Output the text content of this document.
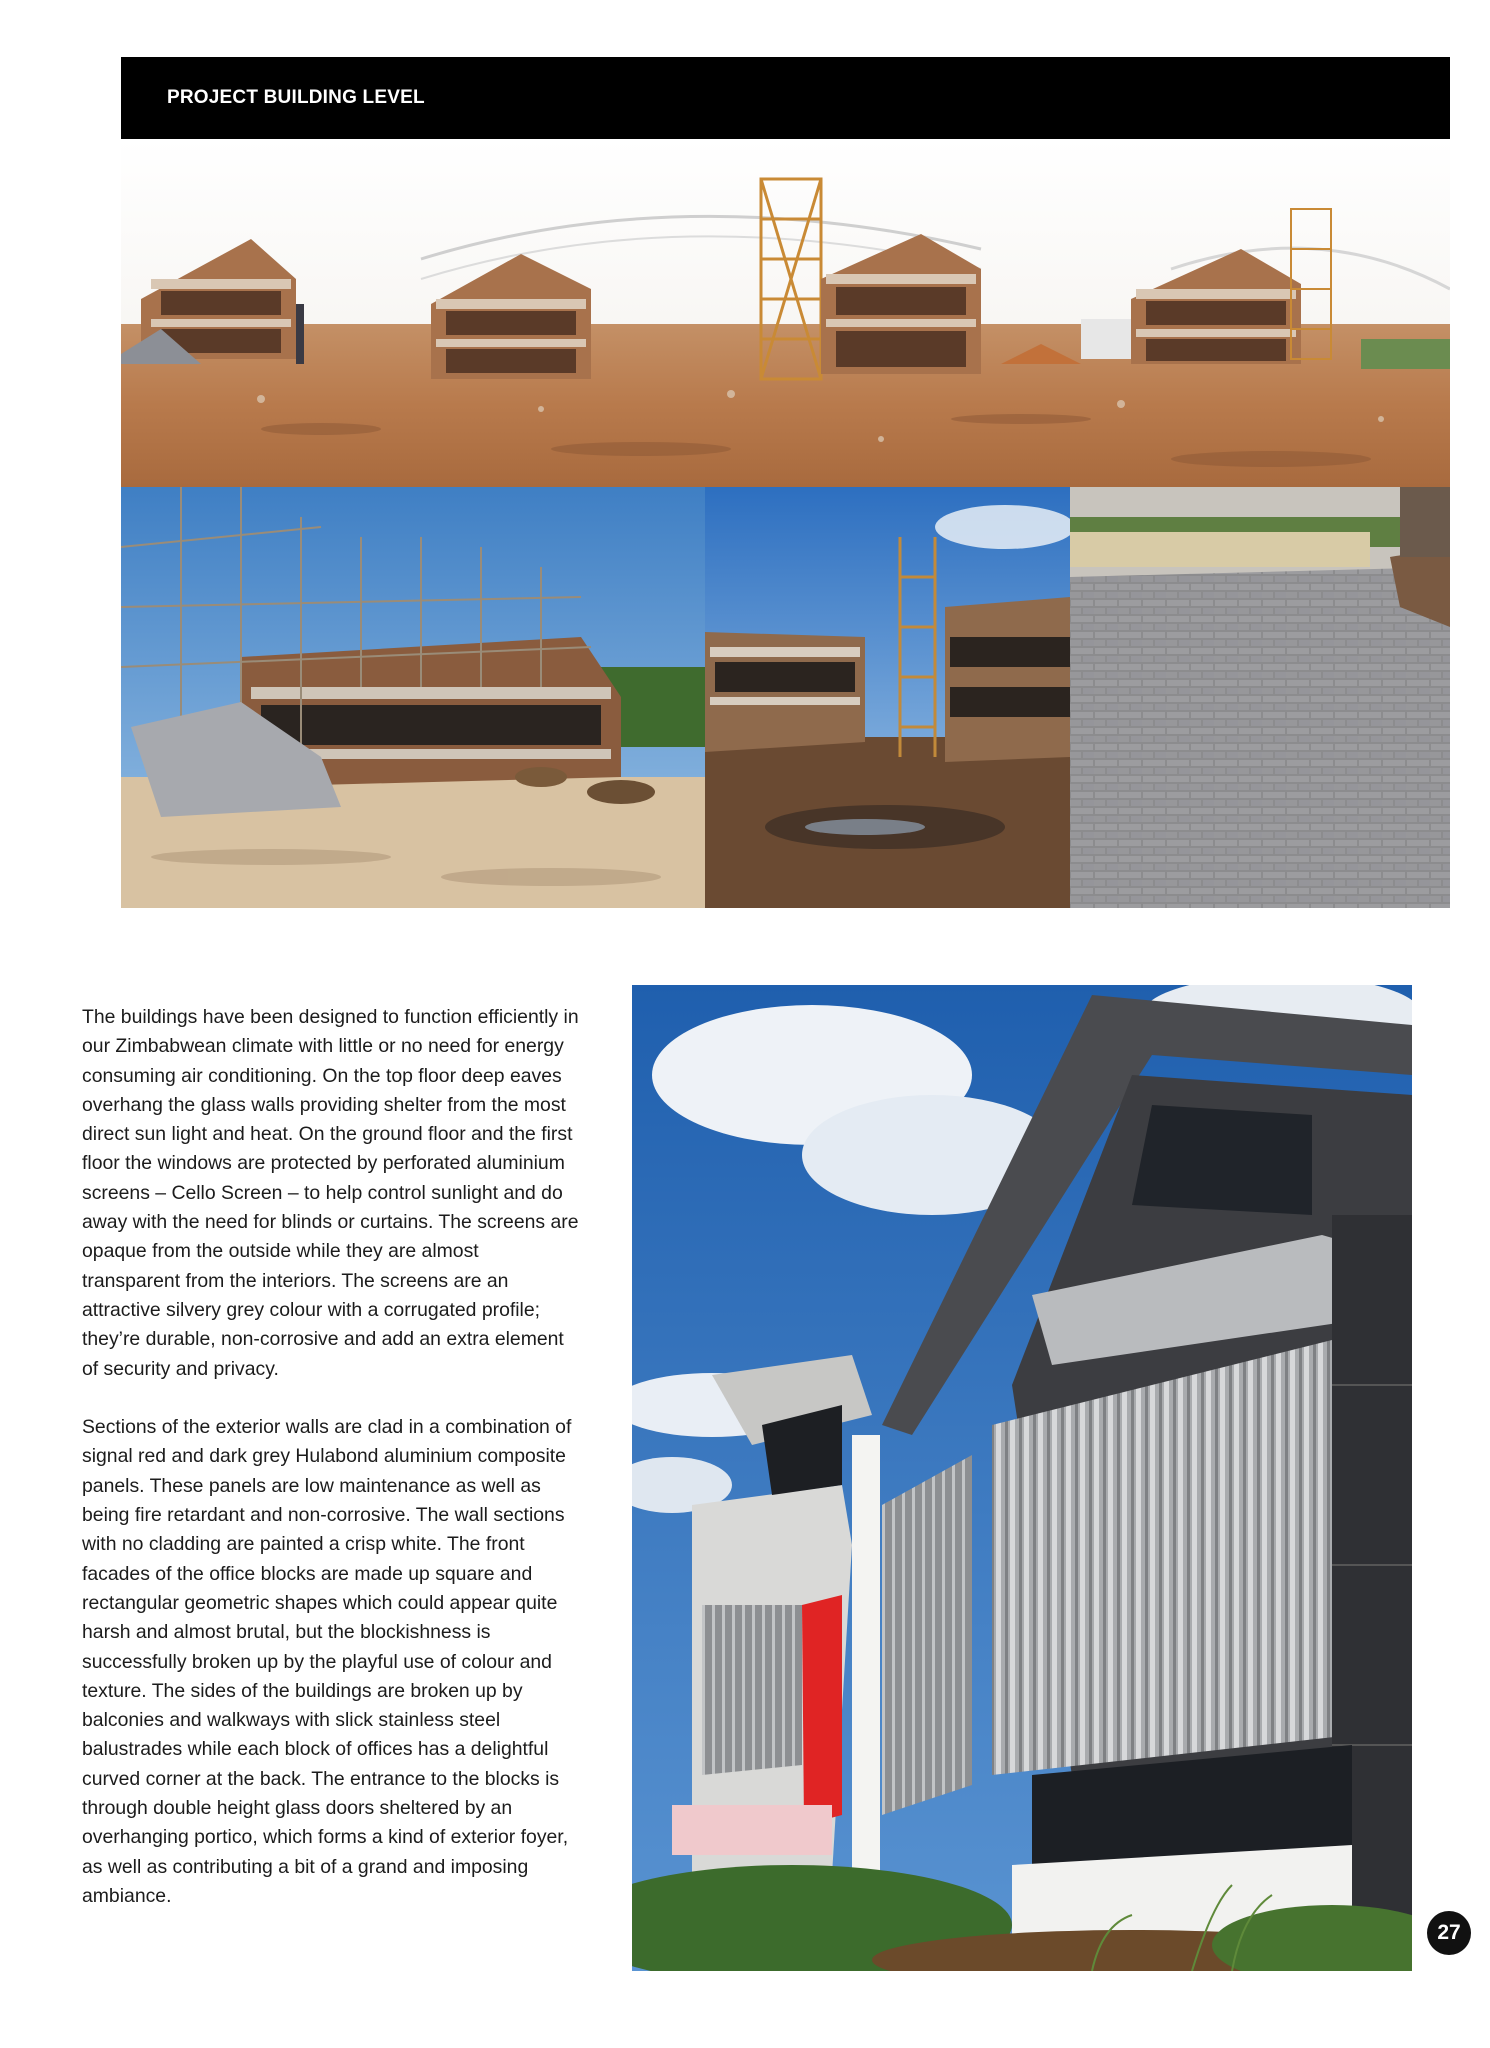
PROJECT BUILDING LEVEL

The buildings have been designed to function efficiently in our Zimbabwean climate with little or no need for energy consuming air conditioning. On the top floor deep eaves overhang the glass walls providing shelter from the most direct sun light and heat. On the ground floor and the first floor the windows are protected by perforated aluminium screens – Cello Screen – to help control sunlight and do away with the need for blinds or curtains. The screens are opaque from the outside while they are almost transparent from the interiors. The screens are an attractive silvery grey colour with a corrugated profile; they’re durable, non-corrosive and add an extra element of security and privacy.

Sections of the exterior walls are clad in a combination of signal red and dark grey Hulabond aluminium composite panels. These panels are low maintenance as well as being fire retardant and non-corrosive. The wall sections with no cladding are painted a crisp white. The front facades of the office blocks are made up square and rectangular geometric shapes which could appear quite harsh and almost brutal, but the blockishness is successfully broken up by the playful use of colour and texture. The sides of the buildings are broken up by balconies and walkways with slick stainless steel balustrades while each block of offices has a delightful curved corner at the back. The entrance to the blocks is through double height glass doors sheltered by an overhanging portico, which forms a kind of exterior foyer, as well as contributing a bit of a grand and imposing ambiance.

27
